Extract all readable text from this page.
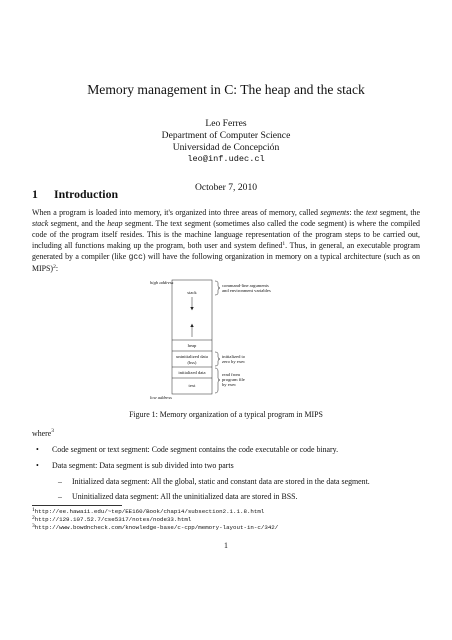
Memory management in C: The heap and the stack
Leo Ferres
Department of Computer Science
Universidad de Concepción
leo@inf.udec.cl
October 7, 2010
1 Introduction
When a program is loaded into memory, it's organized into three areas of memory, called segments: the text segment, the stack segment, and the heap segment. The text segment (sometimes also called the code segment) is where the compiled code of the program itself resides. This is the machine language representation of the program steps to be carried out, including all functions making up the program, both user and system defined$^1$. Thus, in general, an executable program generated by a compiler (like gcc) will have the following organization in memory on a typical architecture (such as on MIPS)$^2$:
high address
low address
stack
heap
uninitialized data
(bss)
initialized data
text
command-line arguments
and environment variables
initialized to
zero by exec
read from
program file
by exec
Figure 1: Memory organization of a typical program in MIPS
where$^3$
• Code segment or text segment: Code segment contains the code executable or code binary.
• Data segment: Data segment is sub divided into two parts
– Initialized data segment: All the global, static and constant data are stored in the data segment.
– Uninitialized data segment: All the uninitialized data are stored in BSS.
$^1$http://ee.hawaii.edu/~tep/EE160/Book/chap14/subsection2.1.1.8.html
$^2$http://129.107.52.7/cse5317/notes/node33.html
$^3$http://www.bowdncheck.com/knowledge-base/c-cpp/memory-layout-in-c/342/
1
